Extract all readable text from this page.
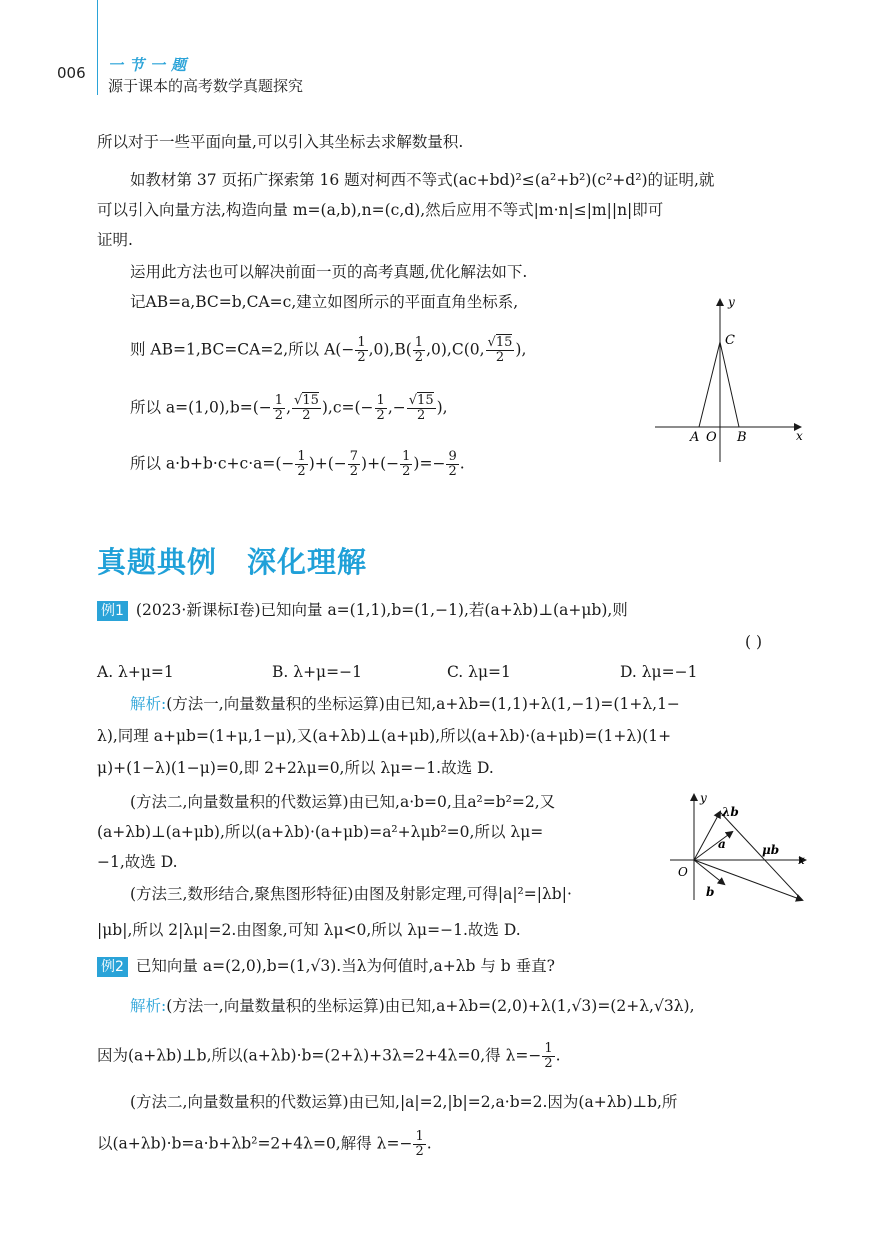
006 一节一题
源于课本的高考数学真题探究
所以对于一些平面向量,可以引入其坐标去求解数量积.
如教材第 37 页拓广探索第 16 题对柯西不等式(ac+bd)²≤(a²+b²)(c²+d²)的证明,就
可以引入向量方法,构造向量 m=(a,b),n=(c,d),然后应用不等式|m·n|≤|m||n|即可
证明.
运用此方法也可以解决前面一页的高考真题,优化解法如下.
记AB=a,BC=b,CA=c,建立如图所示的平面直角坐标系,
则 AB=1,BC=CA=2,所以 $A(- \frac{1}{2} ,0),B( \frac{1}{2} ,0),C(0$, $\frac{√15}{2}$ ),
所以 $a=(1,0),b=(- \frac{1}{2}$ , $\frac{√15}{2} ),c=(- \frac{1}{2}$ ,− $\frac{√15}{2}$ ),
所以 $a\cdot b+b\cdot c+c\cdot a=(- \frac{1}{2}$ )+(− $\frac{7}{2}$ )+(− $\frac{1}{2}$ )=− $\frac{9}{2}$ .
y
C
A O B	x
真题典例　深化理解
例1 (2023·新课标Ⅰ卷)已知向量 a=(1,1),b=(1,−1),若(a+λb)⊥(a+μb),则
( )
A. λ+μ=1	B. λ+μ=−1	C. λμ=1	D. λμ=−1
解析:(方法一,向量数量积的坐标运算)由已知,a+λb=(1,1)+λ(1,−1)=(1+λ,1−
λ),同理 a+μb=(1+μ,1−μ),又(a+λb)⊥(a+μb),所以(a+λb)·(a+μb)=(1+λ)(1+
μ)+(1−λ)(1−μ)=0,即 2+2λμ=0,所以 λμ=−1.故选 D.
(方法二,向量数量积的代数运算)由已知,a·b=0,且a²=b²=2,又
(a+λb)⊥(a+μb),所以(a+λb)·(a+μb)=a²+λμb²=0,所以 λμ=
−1,故选 D.
(方法三,数形结合,聚焦图形特征)由图及射影定理,可得|a|²=|λb|·
|μb|,所以 2|λμ|=2.由图象,可知 λμ<0,所以 λμ=−1.故选 D.
y
λb
a	μb
x
O
b
例2 已知向量 a=(2,0),b=(1,√3).当λ为何值时,a+λb 与 b 垂直?
解析:(方法一,向量数量积的坐标运算)由已知,a+λb=(2,0)+λ(1,√3)=(2+λ,√3λ),
因为(a+λb)⊥b,所以(a+λb)·b=(2+λ)+3λ=2+4λ=0,得 $\lambda=- \frac{1}{2}$ .
(方法二,向量数量积的代数运算)由已知,|a|=2,|b|=2,a·b=2.因为(a+λb)⊥b,所
以(a+λb)·b=a·b+λb²=2+4λ=0,解得 $\lambda=- \frac{1}{2}$ .
